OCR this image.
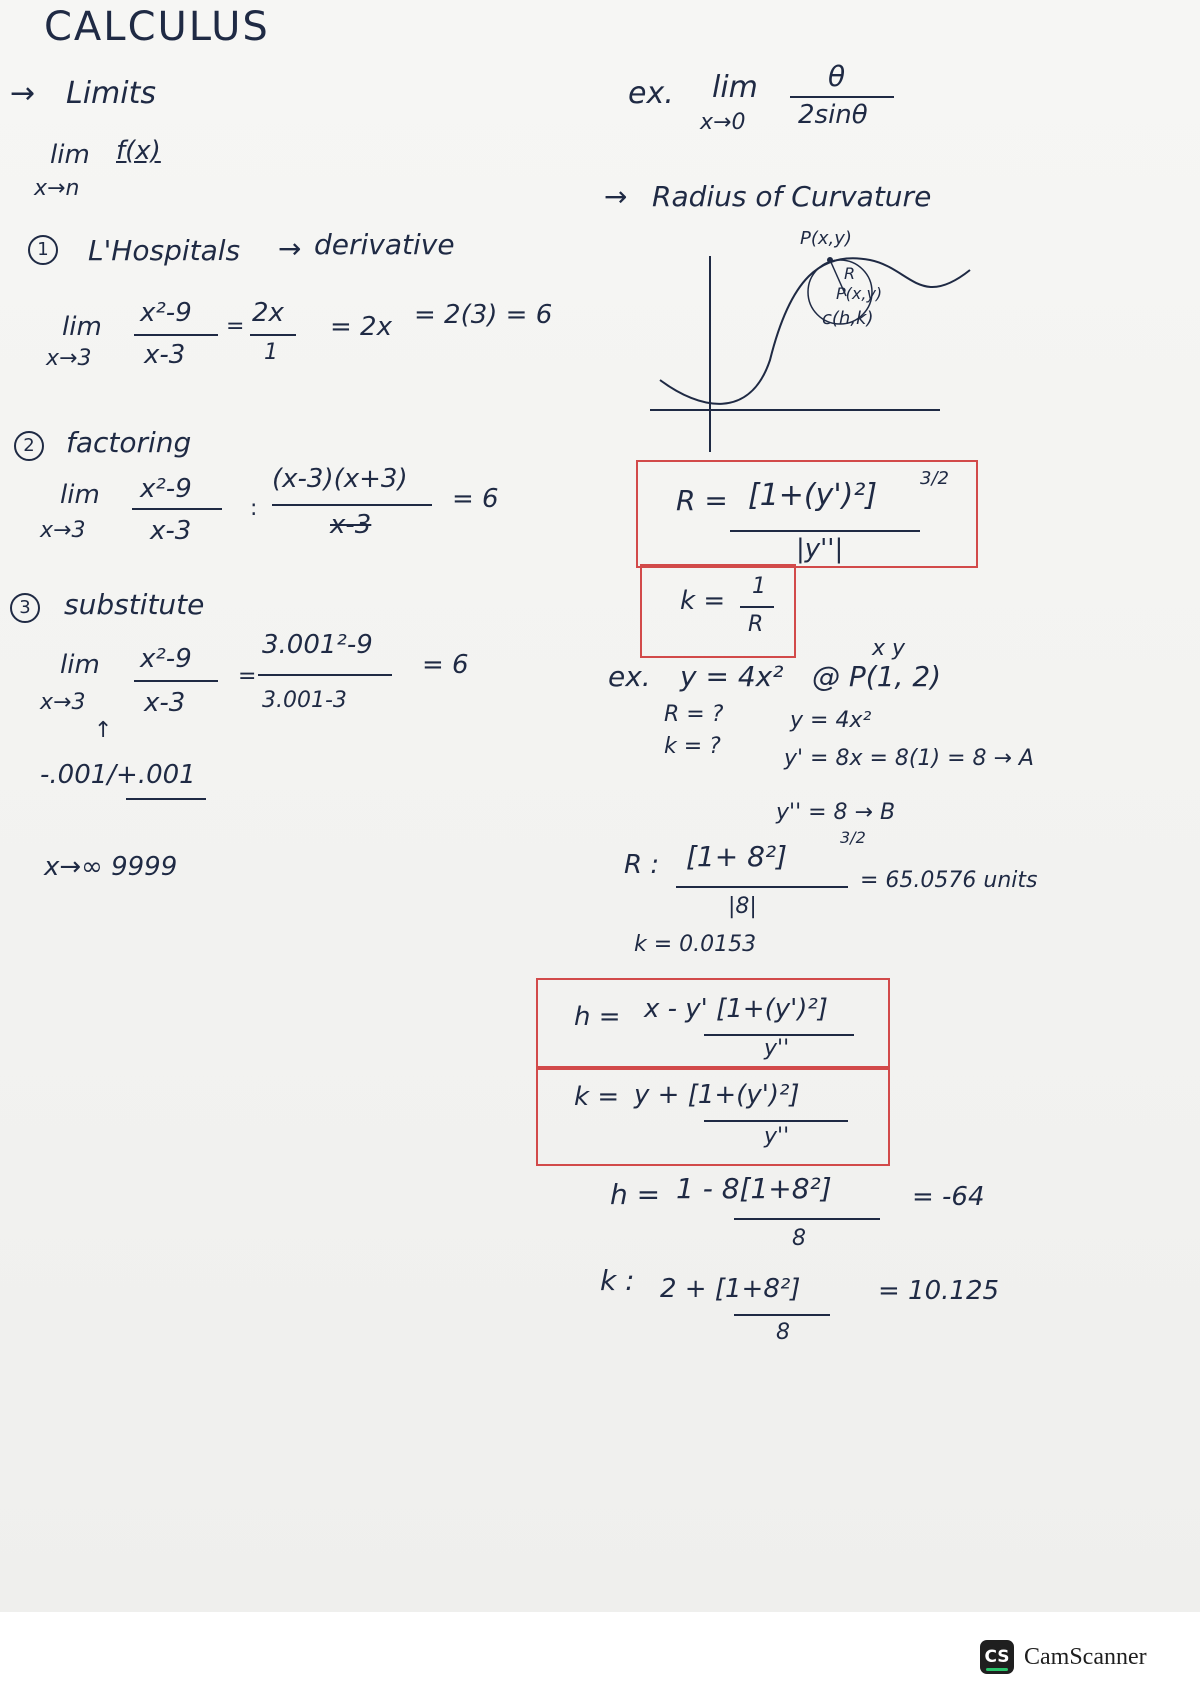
CALCULUS
→ Limits
lim f(x)
x→n
1	L'Hospitals → derivative
lim
x→3
x²-9
x-3
= 2x
1
= 2x = 2(3) = 6
2	factoring
lim
x→3
x²-9
x-3
:
(x-3)(x+3)
x-3
= 6
3	substitute
lim
x→3
x²-9
x-3
=
3.001²-9
3.001-3
= 6
↑
-.001/+.001
x→∞ 9999
ex. lim
x→0
θ
2sinθ
→ Radius of Curvature
P(x,y)
R
P(x,y)
c(h,k)
R = [1+(y')²] 3/2
|y''|
k = 1
R
x y
ex. y = 4x² @ P(1, 2)
R = ?
k = ?
y = 4x²
y' = 8x = 8(1) = 8 → A
y'' = 8 → B
R : [1+ 8²]
3/2
|8|
= 65.0576 units
k = 0.0153
h = x - y' [1+(y')²]
y''
k = y + [1+(y')²]
y''
h = 1 - 8[1+8²]
8
= -64
k : 2 + [1+8²]
8
= 10.125
CS CamScanner
